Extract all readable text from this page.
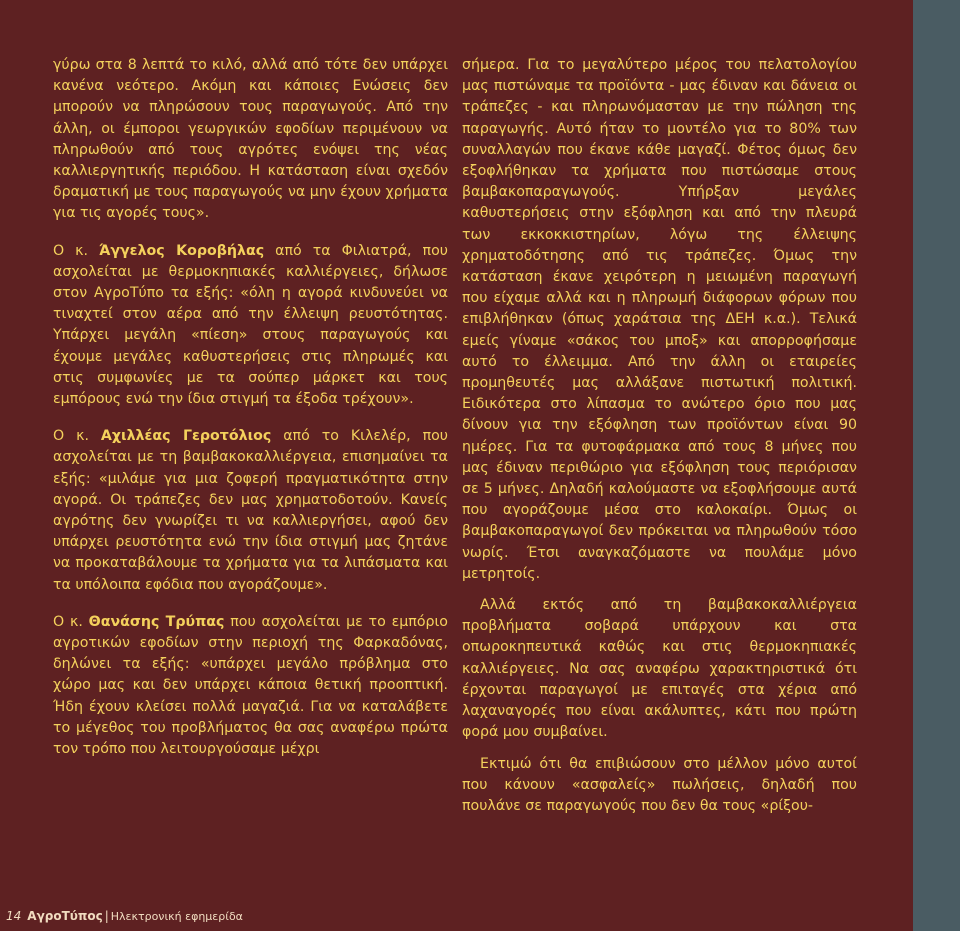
γύρω στα 8 λεπτά το κιλό, αλλά από τότε δεν υπάρχει κανένα νεότερο. Ακόμη και κάποιες Ενώσεις δεν μπορούν να πληρώσουν τους παραγωγούς. Από την άλλη, οι έμποροι γεωργικών εφοδίων περιμένουν να πληρωθούν από τους αγρότες ενόψει της νέας καλλιεργητικής περιόδου. Η κατάσταση είναι σχεδόν δραματική με τους παραγωγούς να μην έχουν χρήματα για τις αγορές τους».

Ο κ. Άγγελος Κοροβήλας από τα Φιλιατρά, που ασχολείται με θερμοκηπιακές καλλιέργειες, δήλωσε στον ΑγροΤύπο τα εξής: «όλη η αγορά κινδυνεύει να τιναχτεί στον αέρα από την έλλειψη ρευστότητας. Υπάρχει μεγάλη «πίεση» στους παραγωγούς και έχουμε μεγάλες καθυστερήσεις στις πληρωμές και στις συμφωνίες με τα σούπερ μάρκετ και τους εμπόρους ενώ την ίδια στιγμή τα έξοδα τρέχουν».

Ο κ. Αχιλλέας Γεροτόλιος από το Κιλελέρ, που ασχολείται με τη βαμβακοκαλλιέργεια, επισημαίνει τα εξής: «μιλάμε για μια ζοφερή πραγματικότητα στην αγορά. Οι τράπεζες δεν μας χρηματοδοτούν. Κανείς αγρότης δεν γνωρίζει τι να καλλιεργήσει, αφού δεν υπάρχει ρευστότητα ενώ την ίδια στιγμή μας ζητάνε να προκαταβάλουμε τα χρήματα για τα λιπάσματα και τα υπόλοιπα εφόδια που αγοράζουμε».

Ο κ. Θανάσης Τρύπας που ασχολείται με το εμπόριο αγροτικών εφοδίων στην περιοχή της Φαρκαδόνας, δηλώνει τα εξής: «υπάρχει μεγάλο πρόβλημα στο χώρο μας και δεν υπάρχει κάποια θετική προοπτική. Ήδη έχουν κλείσει πολλά μαγαζιά. Για να καταλάβετε το μέγεθος του προβλήματος θα σας αναφέρω πρώτα τον τρόπο που λειτουργούσαμε μέχρι

σήμερα. Για το μεγαλύτερο μέρος του πελατολογίου μας πιστώναμε τα προϊόντα - μας έδιναν και δάνεια οι τράπεζες - και πληρωνόμασταν με την πώληση της παραγωγής. Αυτό ήταν το μοντέλο για το 80% των συναλλαγών που έκανε κάθε μαγαζί. Φέτος όμως δεν εξοφλήθηκαν τα χρήματα που πιστώσαμε στους βαμβακοπαραγωγούς. Υπήρξαν μεγάλες καθυστερήσεις στην εξόφληση και από την πλευρά των εκκοκκιστηρίων, λόγω της έλλειψης χρηματοδότησης από τις τράπεζες. Όμως την κατάσταση έκανε χειρότερη η μειωμένη παραγωγή που είχαμε αλλά και η πληρωμή διάφορων φόρων που επιβλήθηκαν (όπως χαράτσια της ΔΕΗ κ.α.). Τελικά εμείς γίναμε «σάκος του μποξ» και απορροφήσαμε αυτό το έλλειμμα. Από την άλλη οι εταιρείες προμηθευτές μας αλλάξανε πιστωτική πολιτική. Ειδικότερα στο λίπασμα το ανώτερο όριο που μας δίνουν για την εξόφληση των προϊόντων είναι 90 ημέρες. Για τα φυτοφάρμακα από τους 8 μήνες που μας έδιναν περιθώριο για εξόφληση τους περιόρισαν σε 5 μήνες. Δηλαδή καλούμαστε να εξοφλήσουμε αυτά που αγοράζουμε μέσα στο καλοκαίρι. Όμως οι βαμβακοπαραγωγοί δεν πρόκειται να πληρωθούν τόσο νωρίς. Έτσι αναγκαζόμαστε να πουλάμε μόνο μετρητοίς.

Αλλά εκτός από τη βαμβακοκαλλιέργεια προβλήματα σοβαρά υπάρχουν και στα οπωροκηπευτικά καθώς και στις θερμοκηπιακές καλλιέργειες. Να σας αναφέρω χαρακτηριστικά ότι έρχονται παραγωγοί με επιταγές στα χέρια από λαχαναγορές που είναι ακάλυπτες, κάτι που πρώτη φορά μου συμβαίνει.

Εκτιμώ ότι θα επιβιώσουν στο μέλλον μόνο αυτοί που κάνουν «ασφαλείς» πωλήσεις, δηλαδή που πουλάνε σε παραγωγούς που δεν θα τους «ρίξου-

14 ΑγροΤύπος | Ηλεκτρονική εφημερίδα
